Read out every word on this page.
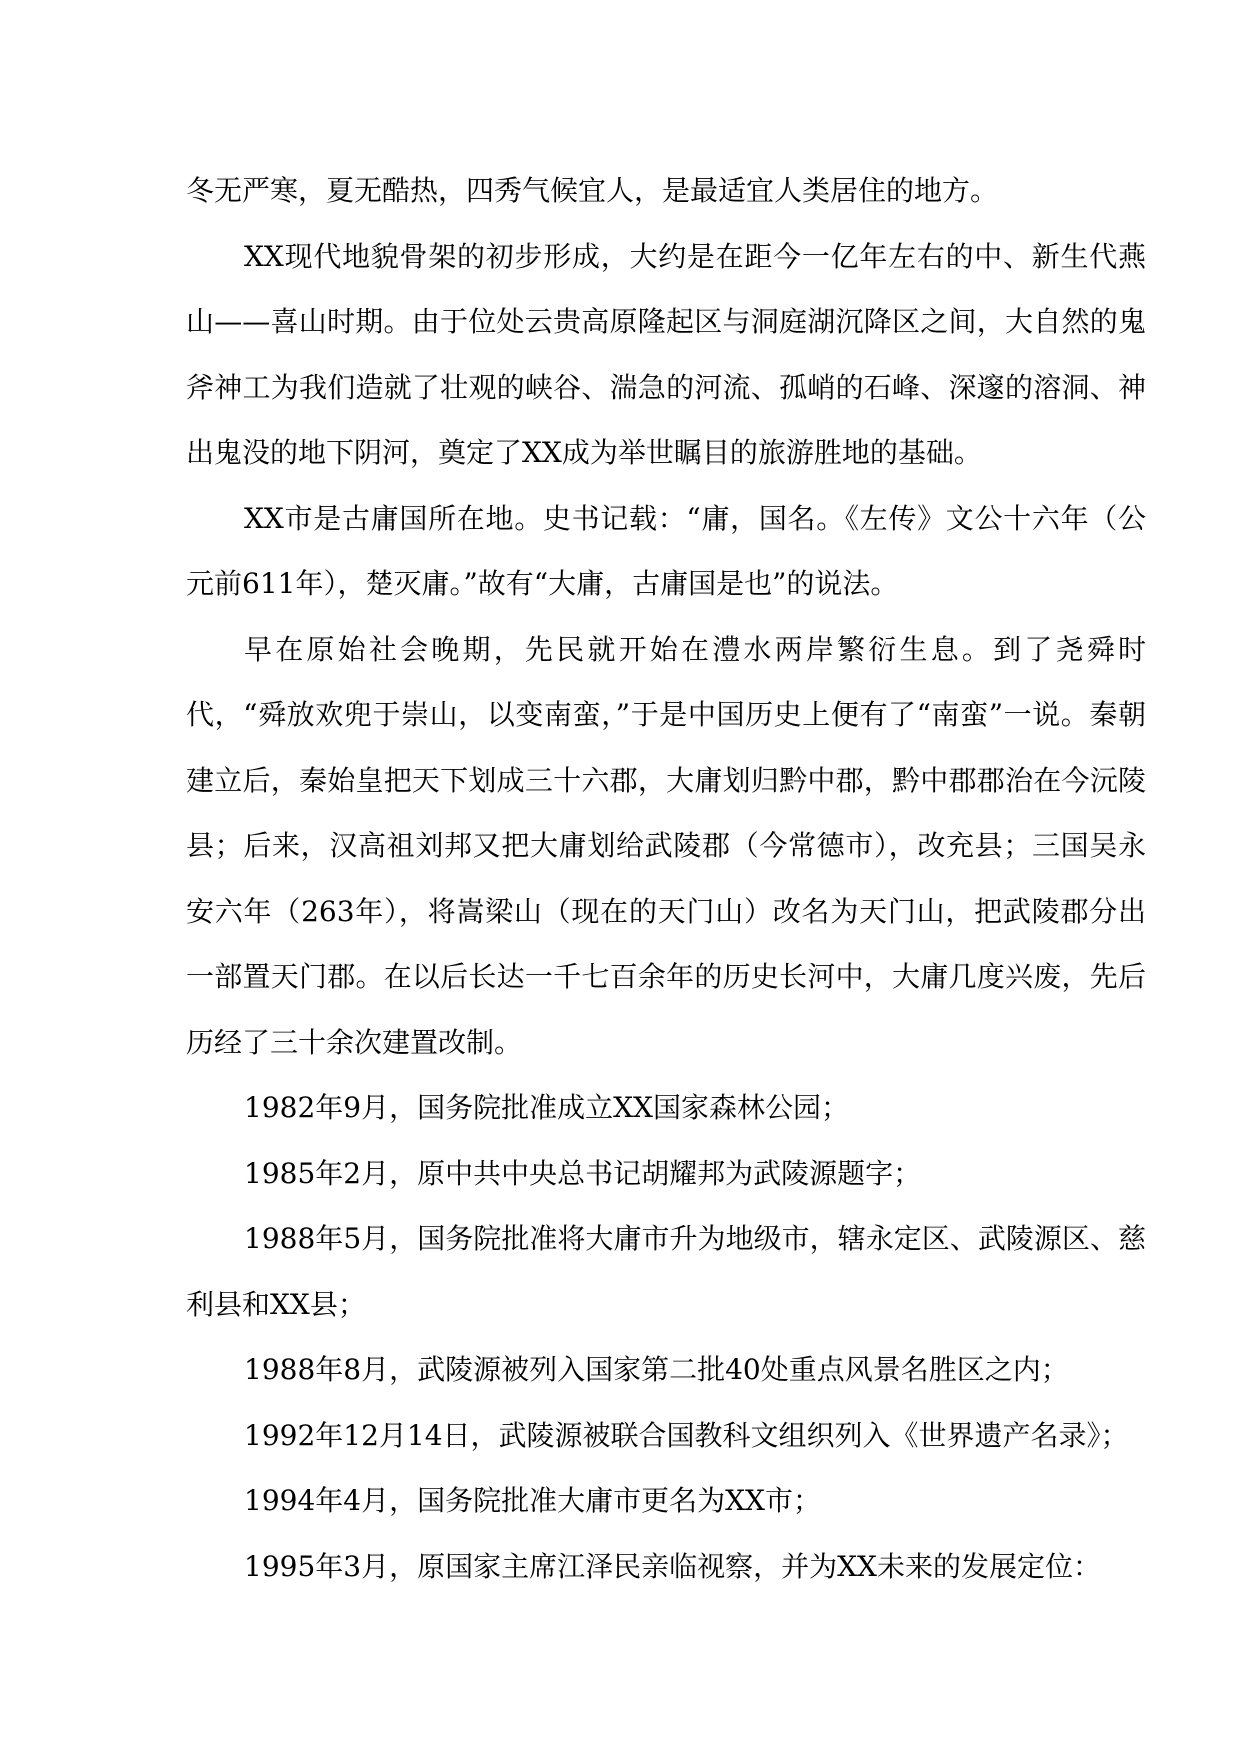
冬无严寒，夏无酷热，四秀气候宜人，是最适宜人类居住的地方。

XX现代地貌骨架的初步形成，大约是在距今一亿年左右的中、新生代燕山——喜山时期。由于位处云贵高原隆起区与洞庭湖沉降区之间，大自然的鬼斧神工为我们造就了壮观的峡谷、湍急的河流、孤峭的石峰、深邃的溶洞、神出鬼没的地下阴河，奠定了XX成为举世瞩目的旅游胜地的基础。

XX市是古庸国所在地。史书记载：“庸，国名。《左传》文公十六年（公元前611年），楚灭庸。”故有“大庸，古庸国是也”的说法。

早在原始社会晚期，先民就开始在澧水两岸繁衍生息。到了尧舜时代，“舜放欢兜于崇山，以变南蛮，”于是中国历史上便有了“南蛮”一说。秦朝建立后，秦始皇把天下划成三十六郡，大庸划归黔中郡，黔中郡郡治在今沅陵县；后来，汉高祖刘邦又把大庸划给武陵郡（今常德市），改充县；三国吴永安六年（263年），将嵩梁山（现在的天门山）改名为天门山，把武陵郡分出一部置天门郡。在以后长达一千七百余年的历史长河中，大庸几度兴废，先后历经了三十余次建置改制。

1982年9月，国务院批准成立XX国家森林公园；

1985年2月，原中共中央总书记胡耀邦为武陵源题字；

1988年5月，国务院批准将大庸市升为地级市，辖永定区、武陵源区、慈利县和XX县；

1988年8月，武陵源被列入国家第二批40处重点风景名胜区之内；

1992年12月14日，武陵源被联合国教科文组织列入《世界遗产名录》；

1994年4月，国务院批准大庸市更名为XX市；

1995年3月，原国家主席江泽民亲临视察，并为XX未来的发展定位：
